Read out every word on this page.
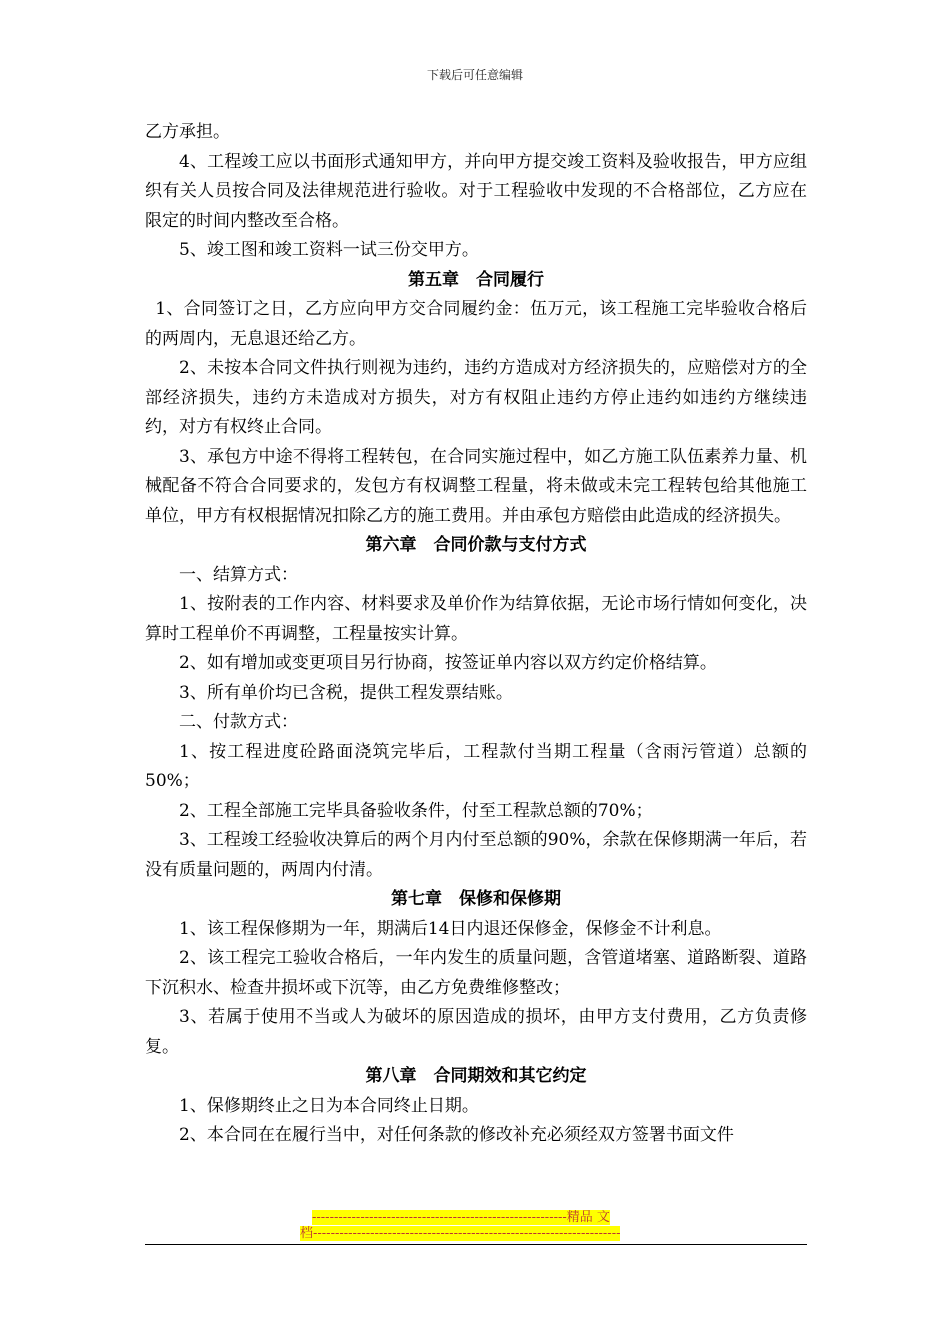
下载后可任意编辑

乙方承担。

4、工程竣工应以书面形式通知甲方，并向甲方提交竣工资料及验收报告，甲方应组织有关人员按合同及法律规范进行验收。对于工程验收中发现的不合格部位，乙方应在限定的时间内整改至合格。

5、竣工图和竣工资料一试三份交甲方。

第五章　合同履行

1、合同签订之日，乙方应向甲方交合同履约金：伍万元，该工程施工完毕验收合格后的两周内，无息退还给乙方。

2、未按本合同文件执行则视为违约，违约方造成对方经济损失的，应赔偿对方的全部经济损失，违约方未造成对方损失，对方有权阻止违约方停止违约如违约方继续违约，对方有权终止合同。

3、承包方中途不得将工程转包，在合同实施过程中，如乙方施工队伍素养力量、机械配备不符合合同要求的，发包方有权调整工程量，将未做或未完工程转包给其他施工单位，甲方有权根据情况扣除乙方的施工费用。并由承包方赔偿由此造成的经济损失。

第六章　合同价款与支付方式

一、结算方式：

1、按附表的工作内容、材料要求及单价作为结算依据，无论市场行情如何变化，决算时工程单价不再调整，工程量按实计算。

2、如有增加或变更项目另行协商，按签证单内容以双方约定价格结算。

3、所有单价均已含税，提供工程发票结账。

二、付款方式：

1、按工程进度砼路面浇筑完毕后，工程款付当期工程量（含雨污管道）总额的50%；

2、工程全部施工完毕具备验收条件，付至工程款总额的70%；

3、工程竣工经验收决算后的两个月内付至总额的90%，余款在保修期满一年后，若没有质量问题的，两周内付清。

第七章　保修和保修期

1、该工程保修期为一年，期满后14日内退还保修金，保修金不计利息。

2、该工程完工验收合格后，一年内发生的质量问题，含管道堵塞、道路断裂、道路下沉积水、检查井损坏或下沉等，由乙方免费维修整改；

3、若属于使用不当或人为破坏的原因造成的损坏，由甲方支付费用，乙方负责修复。

第八章　合同期效和其它约定

1、保修期终止之日为本合同终止日期。

2、本合同在在履行当中，对任何条款的修改补充必须经双方签署书面文件

----------------------------------------------------------精品 文
档----------------------------------------------------------------------
